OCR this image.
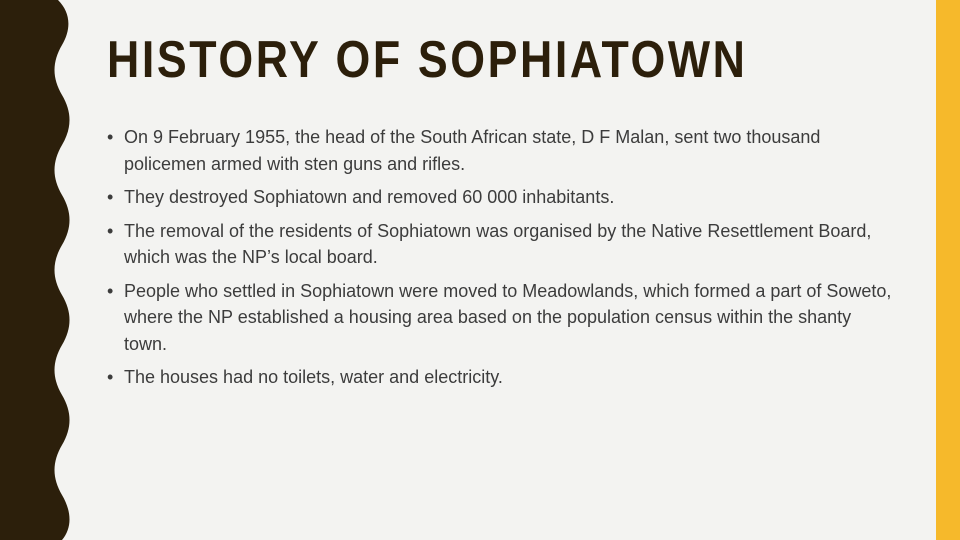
HISTORY OF SOPHIATOWN
• On 9 February 1955, the head of the South African state, D F Malan, sent two thousand policemen armed with sten guns and rifles.
• They destroyed Sophiatown and removed 60 000 inhabitants.
• The removal of the residents of Sophiatown was organised by the Native Resettlement Board, which was the NP’s local board.
• People who settled in Sophiatown were moved to Meadowlands, which formed a part of Soweto, where the NP established a housing area based on the population census within the shanty town.
• The houses had no toilets, water and electricity.
